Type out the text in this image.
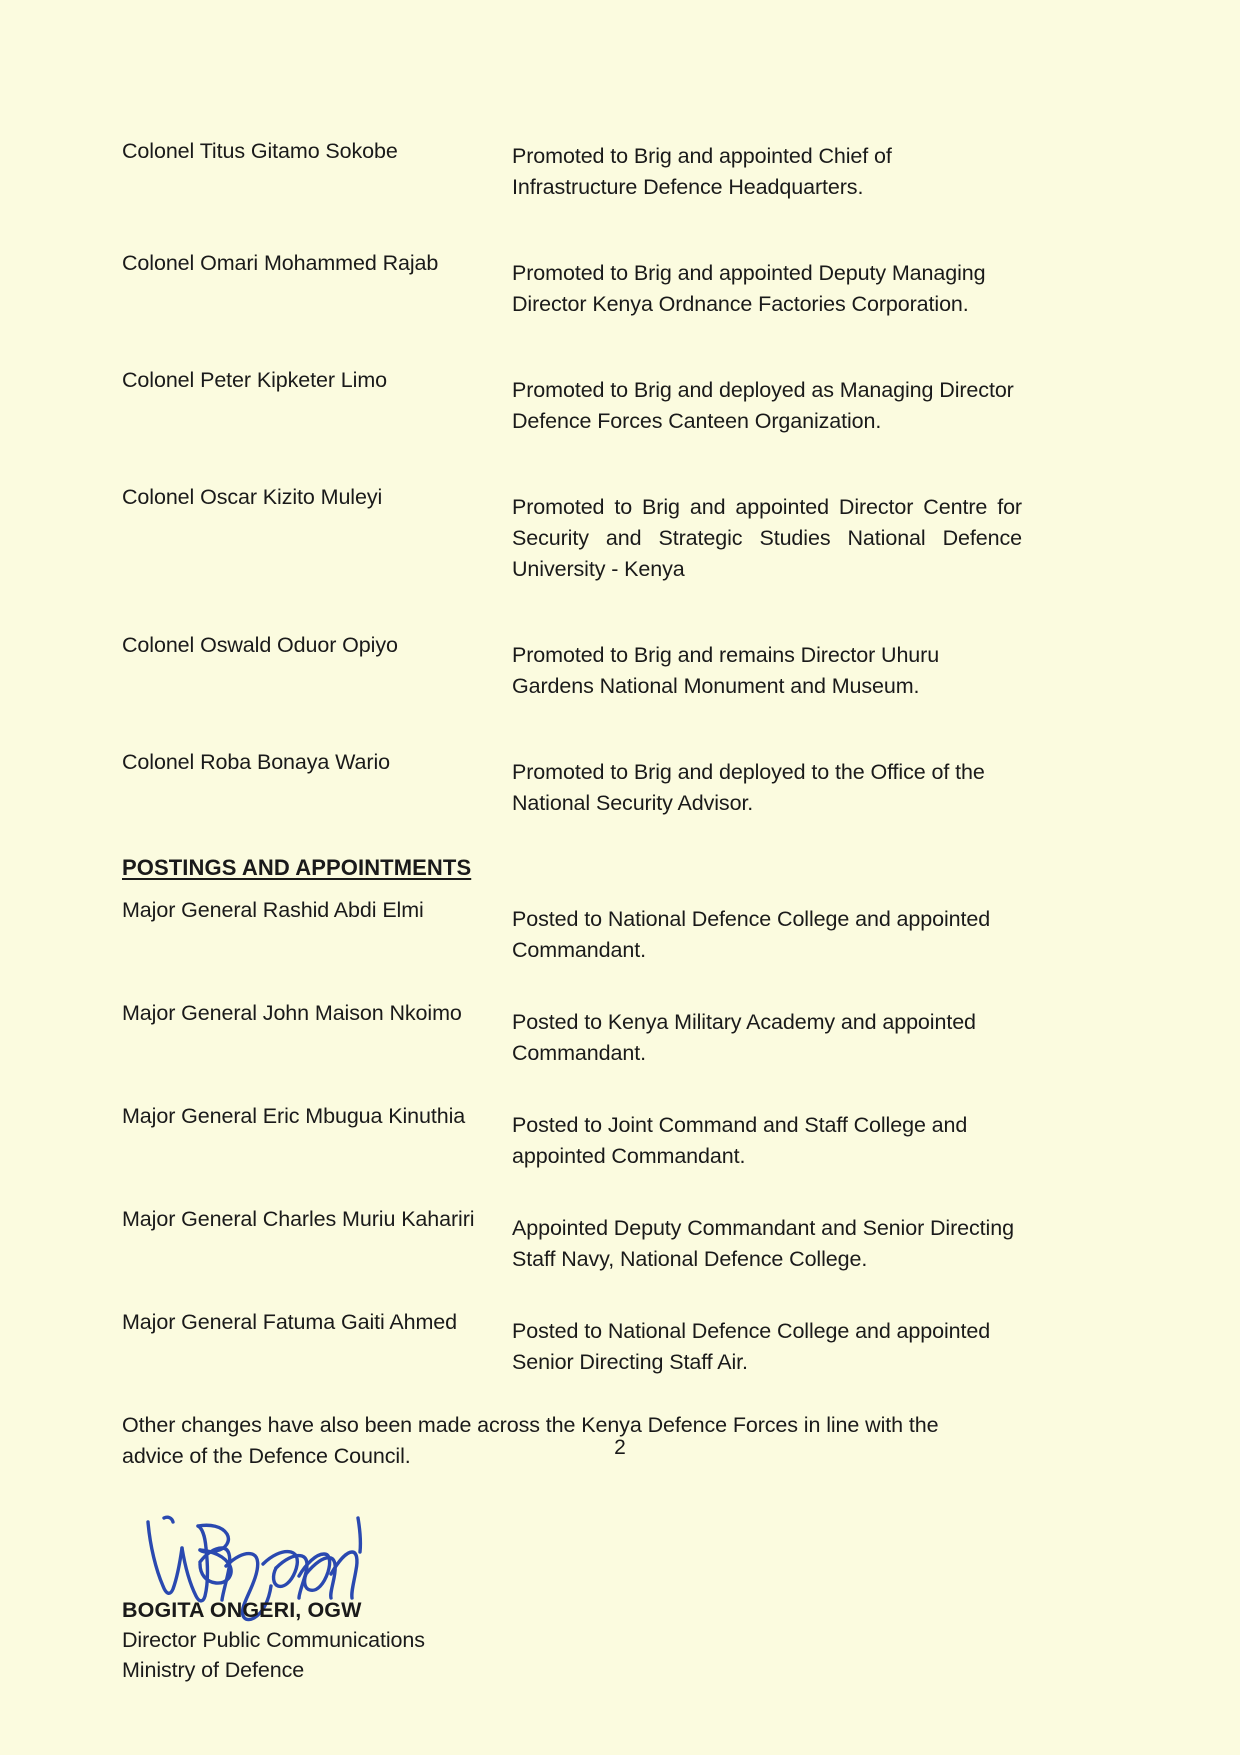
Colonel Titus Gitamo Sokobe	Promoted to Brig and appointed Chief of Infrastructure Defence Headquarters.
Colonel Omari Mohammed Rajab	Promoted to Brig and appointed Deputy Managing Director Kenya Ordnance Factories Corporation.
Colonel Peter Kipketer Limo	Promoted to Brig and deployed as Managing Director Defence Forces Canteen Organization.
Colonel Oscar Kizito Muleyi	Promoted to Brig and appointed Director Centre for Security and Strategic Studies National Defence University - Kenya
Colonel Oswald Oduor Opiyo	Promoted to Brig and remains Director Uhuru Gardens National Monument and Museum.
Colonel Roba Bonaya Wario	Promoted to Brig and deployed to the Office of the National Security Advisor.
POSTINGS AND APPOINTMENTS
Major General Rashid Abdi Elmi	Posted to National Defence College and appointed Commandant.
Major General John Maison Nkoimo	Posted to Kenya Military Academy and appointed Commandant.
Major General Eric Mbugua Kinuthia	Posted to Joint Command and Staff College and appointed Commandant.
Major General Charles Muriu Kahariri	Appointed Deputy Commandant and Senior Directing Staff Navy, National Defence College.
Major General Fatuma Gaiti Ahmed	Posted to National Defence College and appointed Senior Directing Staff Air.
Other changes have also been made across the Kenya Defence Forces in line with the advice of the Defence Council.
BOGITA ONGERI, OGW
Director Public Communications
Ministry of Defence
2
